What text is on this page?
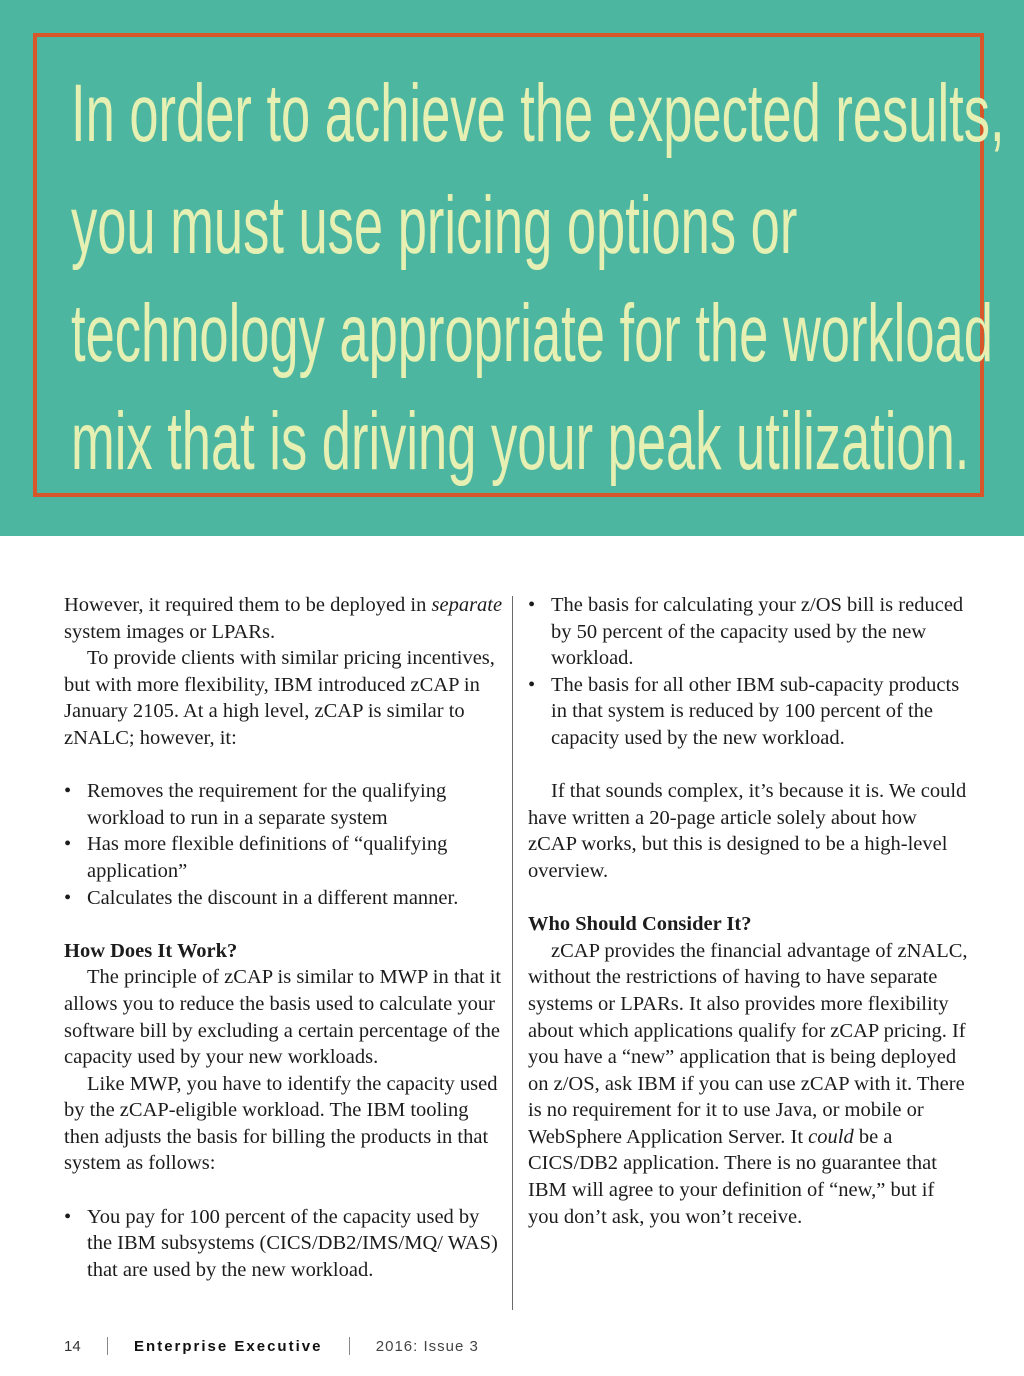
In order to achieve the expected results,

you must use pricing options or

technology appropriate for the workload

mix that is driving your peak utilization.

However, it required them to be deployed in separate system images or LPARs.

To provide clients with similar pricing incentives, but with more flexibility, IBM introduced zCAP in January 2105. At a high level, zCAP is similar to zNALC; however, it:

• Removes the requirement for the qualifying workload to run in a separate system

• Has more flexible definitions of “qualifying application”

• Calculates the discount in a different manner.

How Does It Work?

The principle of zCAP is similar to MWP in that it allows you to reduce the basis used to calculate your software bill by excluding a certain percentage of the capacity used by your new workloads.

Like MWP, you have to identify the capacity used by the zCAP-eligible workload. The IBM tooling then adjusts the basis for billing the products in that system as follows:

• You pay for 100 percent of the capacity used by the IBM subsystems (CICS/DB2/IMS/MQ/ WAS) that are used by the new workload.

• The basis for calculating your z/OS bill is reduced by 50 percent of the capacity used by the new workload.

• The basis for all other IBM sub-capacity products in that system is reduced by 100 percent of the capacity used by the new workload.

If that sounds complex, it’s because it is. We could have written a 20-page article solely about how zCAP works, but this is designed to be a high-level overview.

Who Should Consider It?

zCAP provides the financial advantage of zNALC, without the restrictions of having to have separate systems or LPARs. It also provides more flexibility about which applications qualify for zCAP pricing. If you have a “new” application that is being deployed on z/OS, ask IBM if you can use zCAP with it. There is no requirement for it to use Java, or mobile or WebSphere Application Server. It could be a CICS/DB2 application. There is no guarantee that IBM will agree to your definition of “new,” but if you don’t ask, you won’t receive.

14	Enterprise Executive	2016: Issue 3
